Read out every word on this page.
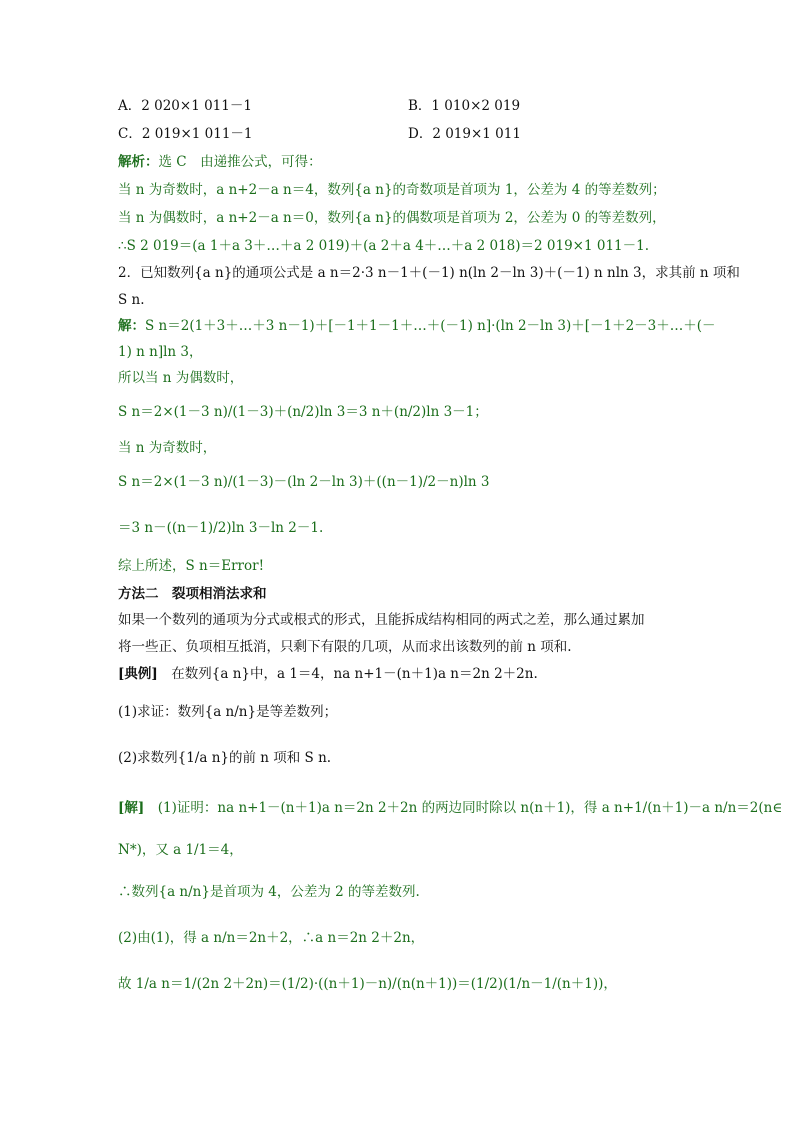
A．2 020×1 011－1	B．1 010×2 019
C．2 019×1 011－1	D．2 019×1 011
解析：选 C　由递推公式，可得：
当 n 为奇数时，a n+2－a n＝4，数列{a n}的奇数项是首项为 1，公差为 4 的等差数列；
当 n 为偶数时，a n+2－a n＝0，数列{a n}的偶数项是首项为 2，公差为 0 的等差数列，
∴S 2 019＝(a 1＋a 3＋…＋a 2 019)＋(a 2＋a 4＋…＋a 2 018)＝2 019×1 011－1.
2．已知数列{a n}的通项公式是 a n＝2·3 n－1＋(－1) n(ln 2－ln 3)＋(－1) n nln 3，求其前 n 项和
S n.
解：S n＝2(1＋3＋…＋3 n－1)＋[－1＋1－1＋…＋(－1) n]·(ln 2－ln 3)＋[－1＋2－3＋…＋(－
1) n n]ln 3，
所以当 n 为偶数时，
S n＝2×(1－3 n)/(1－3)＋(n/2)ln 3＝3 n＋(n/2)ln 3－1；
当 n 为奇数时，
S n＝2×(1－3 n)/(1－3)－(ln 2－ln 3)＋((n－1)/2－n)ln 3
＝3 n－((n－1)/2)ln 3－ln 2－1.
综上所述，S n＝Error!
方法二　裂项相消法求和
如果一个数列的通项为分式或根式的形式，且能拆成结构相同的两式之差，那么通过累加
将一些正、负项相互抵消，只剩下有限的几项，从而求出该数列的前 n 项和.
[典例]　 在数列{a n}中，a 1＝4，na n+1－(n＋1)a n＝2n 2＋2n.
(1)求证：数列{a n/n}是等差数列；
(2)求数列{1/a n}的前 n 项和 S n.
[解]　 (1)证明：na n+1－(n＋1)a n＝2n 2＋2n 的两边同时除以 n(n＋1)，得 a n+1/(n＋1)－a n/n＝2(n∈
N*)，又 a 1/1＝4，
∴数列{a n/n}是首项为 4，公差为 2 的等差数列.
(2)由(1)，得 a n/n＝2n＋2，∴a n＝2n 2＋2n，
故 1/a n＝1/(2n 2＋2n)＝(1/2)·((n＋1)－n)/(n(n＋1))＝(1/2)(1/n－1/(n＋1))，
